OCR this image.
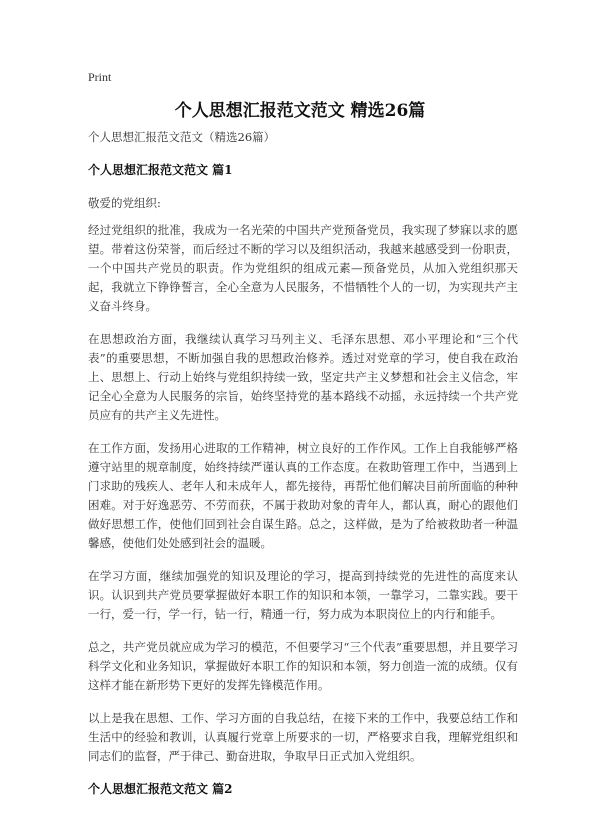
Print
个人思想汇报范文范文 精选26篇

个人思想汇报范文范文（精选26篇）

个人思想汇报范文范文 篇1

敬爱的党组织:

经过党组织的批准，我成为一名光荣的中国共产党预备党员，我实现了梦寐以求的愿望。带着这份荣誉，而后经过不断的学习以及组织活动，我越来越感受到一份职责，一个中国共产党员的职责。作为党组织的组成元素—预备党员，从加入党组织那天起，我就立下铮铮誓言，全心全意为人民服务，不惜牺牲个人的一切，为实现共产主义奋斗终身。

在思想政治方面，我继续认真学习马列主义、毛泽东思想、邓小平理论和“三个代表”的重要思想，不断加强自我的思想政治修养。透过对党章的学习，使自我在政治上、思想上、行动上始终与党组织持续一致，坚定共产主义梦想和社会主义信念，牢记全心全意为人民服务的宗旨，始终坚持党的基本路线不动摇，永远持续一个共产党员应有的共产主义先进性。

在工作方面，发扬用心进取的工作精神，树立良好的工作作风。工作上自我能够严格遵守站里的规章制度，始终持续严谨认真的工作态度。在救助管理工作中，当遇到上门求助的残疾人、老年人和未成年人，都先接待，再帮忙他们解决目前所面临的种种困难。对于好逸恶劳、不劳而获，不属于救助对象的青年人，都认真，耐心的跟他们做好思想工作，使他们回到社会自谋生路。总之，这样做，是为了给被救助者一种温馨感，使他们处处感到社会的温暖。

在学习方面，继续加强党的知识及理论的学习，提高到持续党的先进性的高度来认识。认识到共产党员要掌握做好本职工作的知识和本领，一靠学习，二靠实践。要干一行，爱一行，学一行，钻一行，精通一行，努力成为本职岗位上的内行和能手。

总之，共产党员就应成为学习的模范，不但要学习“三个代表”重要思想，并且要学习科学文化和业务知识，掌握做好本职工作的知识和本领，努力创造一流的成绩。仅有这样才能在新形势下更好的发挥先锋模范作用。

以上是我在思想、工作、学习方面的自我总结，在接下来的工作中，我要总结工作和生活中的经验和教训，认真履行党章上所要求的一切，严格要求自我，理解党组织和同志们的监督，严于律己、勤奋进取，争取早日正式加入党组织。

个人思想汇报范文范文 篇2
